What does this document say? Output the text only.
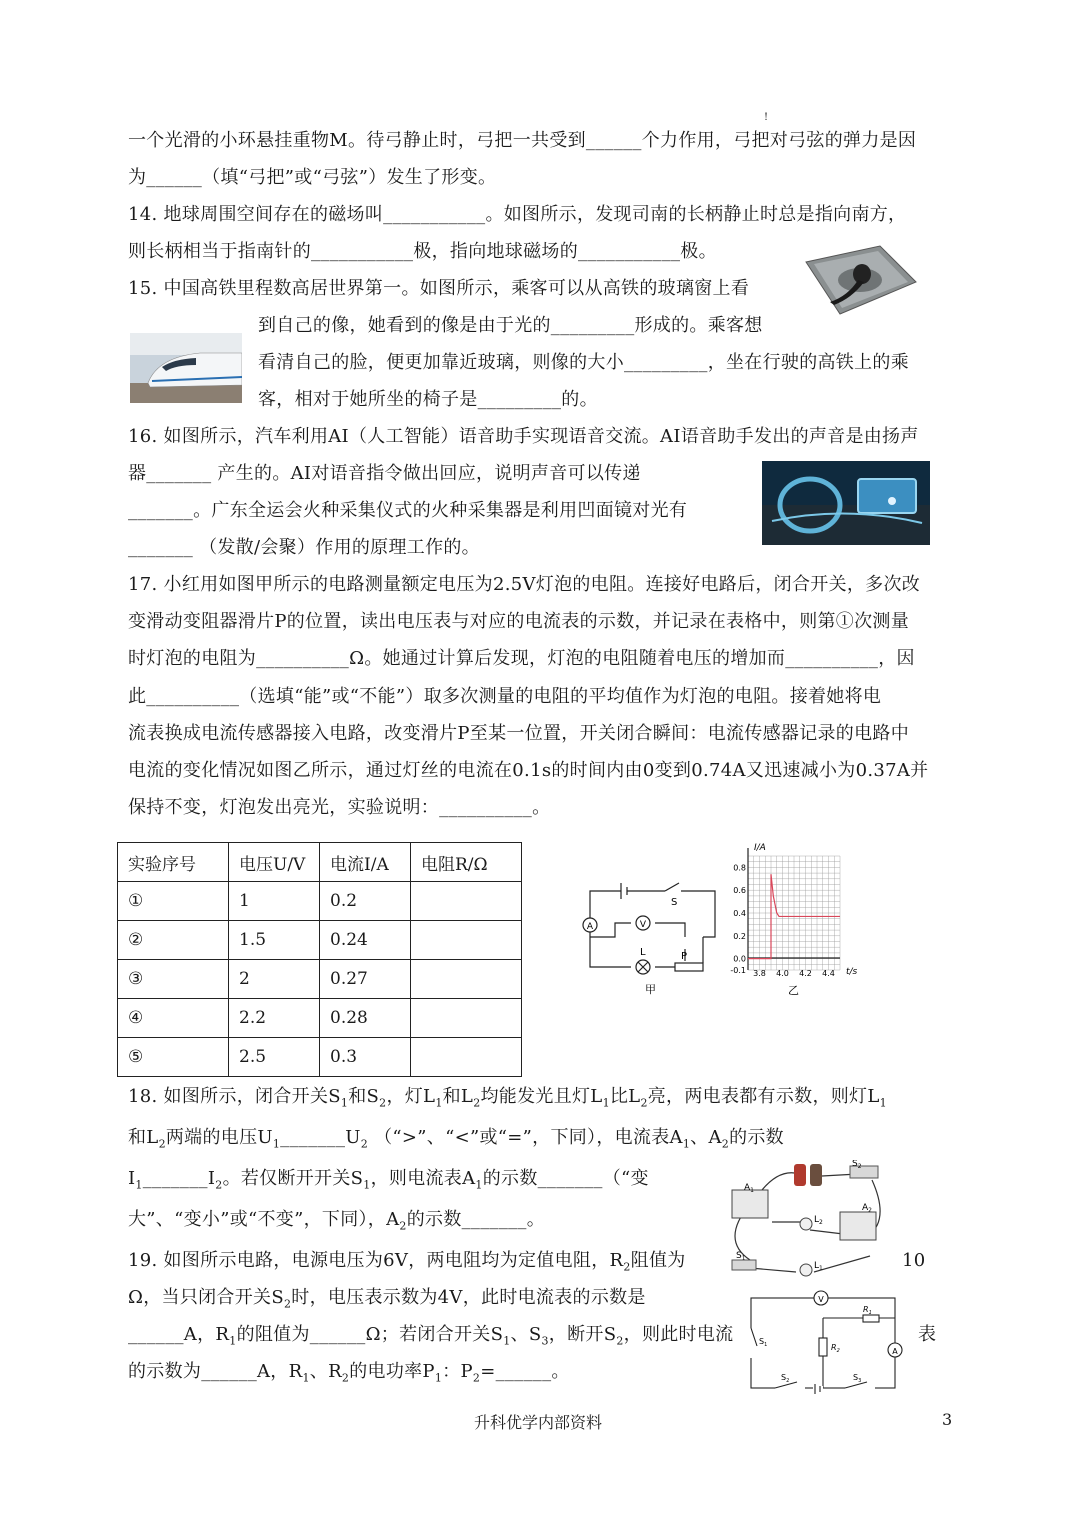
!
一个光滑的小环悬挂重物M。待弓静止时，弓把一共受到______个力作用，弓把对弓弦的弹力是因
为______（填“弓把”或“弓弦”）发生了形变。
14. 地球周围空间存在的磁场叫___________。如图所示，发现司南的长柄静止时总是指向南方，
则长柄相当于指南针的___________极，指向地球磁场的___________极。
15. 中国高铁里程数高居世界第一。如图所示，乘客可以从高铁的玻璃窗上看
到自己的像，她看到的像是由于光的_________形成的。乘客想
看清自己的脸，便更加靠近玻璃，则像的大小_________，坐在行驶的高铁上的乘
客，相对于她所坐的椅子是_________的。
16. 如图所示，汽车利用AI（人工智能）语音助手实现语音交流。AI语音助手发出的声音是由扬声
器_______ 产生的。AI对语音指令做出回应，说明声音可以传递
_______。广东全运会火种采集仪式的火种采集器是利用凹面镜对光有
_______ （发散/会聚）作用的原理工作的。
17. 小红用如图甲所示的电路测量额定电压为2.5V灯泡的电阻。连接好电路后，闭合开关，多次改
变滑动变阻器滑片P的位置，读出电压表与对应的电流表的示数，并记录在表格中，则第①次测量
时灯泡的电阻为__________Ω。她通过计算后发现，灯泡的电阻随着电压的增加而__________，因
此__________（选填“能”或“不能”）取多次测量的电阻的平均值作为灯泡的电阻。接着她将电
流表换成电流传感器接入电路，改变滑片P至某一位置，开关闭合瞬间：电流传感器记录的电路中
电流的变化情况如图乙所示，通过灯丝的电流在0.1s的时间内由0变到0.74A又迅速减小为0.37A并
保持不变，灯泡发出亮光，实验说明：__________。
实验序号	电压U/V	电流I/A	电阻R/Ω
①	1	0.2	
②	1.5	0.24	
③	2	0.27	
④	2.2	0.28	
⑤	2.5	0.3	
A	V
S
L	P
甲
I/A
t/s
0.8
0.6
0.4
0.2
0.0
-0.1 3.8 4.0 4.2 4.4
乙
18. 如图所示，闭合开关$S_1$和$S_2$，灯$L_1$和$L_2$均能发光且灯$L_1$比$L_2$亮，两电表都有示数，则灯$L_1$
和$L_2$两端的电压$U_1\_\_\_\_\_\_\_U_2$ （“>”、“<”或“=”，下同），电流表$A_1$、$A_2$的示数
$I_1\_\_\_\_\_\_\_I_2$。若仅断开开关$S_1$，则电流表$A_1$的示数_______（“变
大”、“变小”或“不变”，下同），$A_2$的示数_______。
$A_1$
$A_2$
$L_2$
$L_1$
$S_1$
$S_2$
19. 如图所示电路，电源电压为6V，两电阻均为定值电阻，$R_2$阻值为	10
Ω，当只闭合开关$S_2$时，电压表示数为4V，此时电流表的示数是
______A，$R_1$的阻值为______Ω；若闭合开关$S_1$、$S_3$，断开$S_2$，则此时电流	表
的示数为______A，$R_1$、$R_2$的电功率$P_1$：$P_2=\_\_\_\_\_\_$。
V
A
$R_1$
$R_2$
$S_1$
$S_2$	$S_3$
升科优学内部资料	3
